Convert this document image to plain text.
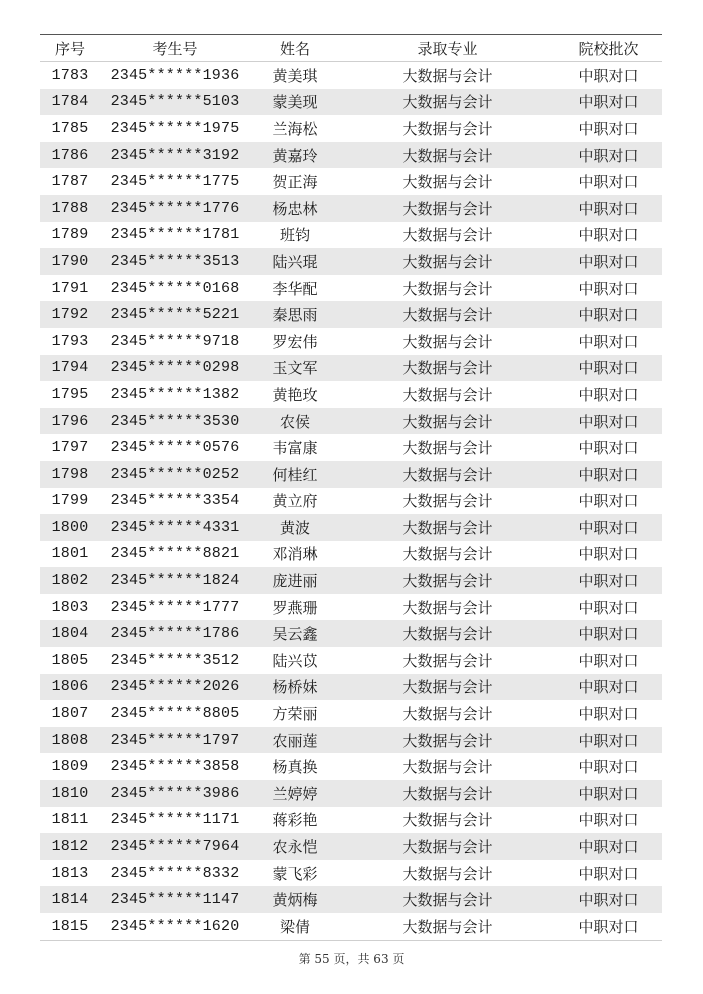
序号	考生号	姓名	录取专业	院校批次
1783	2345******1936	黄美琪	大数据与会计	中职对口
1784	2345******5103	蒙美现	大数据与会计	中职对口
1785	2345******1975	兰海松	大数据与会计	中职对口
1786	2345******3192	黄嘉玲	大数据与会计	中职对口
1787	2345******1775	贺正海	大数据与会计	中职对口
1788	2345******1776	杨忠林	大数据与会计	中职对口
1789	2345******1781	班钧	大数据与会计	中职对口
1790	2345******3513	陆兴琨	大数据与会计	中职对口
1791	2345******0168	李华配	大数据与会计	中职对口
1792	2345******5221	秦思雨	大数据与会计	中职对口
1793	2345******9718	罗宏伟	大数据与会计	中职对口
1794	2345******0298	玉文军	大数据与会计	中职对口
1795	2345******1382	黄艳玫	大数据与会计	中职对口
1796	2345******3530	农侯	大数据与会计	中职对口
1797	2345******0576	韦富康	大数据与会计	中职对口
1798	2345******0252	何桂红	大数据与会计	中职对口
1799	2345******3354	黄立府	大数据与会计	中职对口
1800	2345******4331	黄波	大数据与会计	中职对口
1801	2345******8821	邓消琳	大数据与会计	中职对口
1802	2345******1824	庞进丽	大数据与会计	中职对口
1803	2345******1777	罗燕珊	大数据与会计	中职对口
1804	2345******1786	吴云鑫	大数据与会计	中职对口
1805	2345******3512	陆兴苡	大数据与会计	中职对口
1806	2345******2026	杨桥妹	大数据与会计	中职对口
1807	2345******8805	方荣丽	大数据与会计	中职对口
1808	2345******1797	农丽莲	大数据与会计	中职对口
1809	2345******3858	杨真换	大数据与会计	中职对口
1810	2345******3986	兰婷婷	大数据与会计	中职对口
1811	2345******1171	蒋彩艳	大数据与会计	中职对口
1812	2345******7964	农永恺	大数据与会计	中职对口
1813	2345******8332	蒙飞彩	大数据与会计	中职对口
1814	2345******1147	黄炳梅	大数据与会计	中职对口
1815	2345******1620	梁倩	大数据与会计	中职对口
第 55 页，共 63 页
